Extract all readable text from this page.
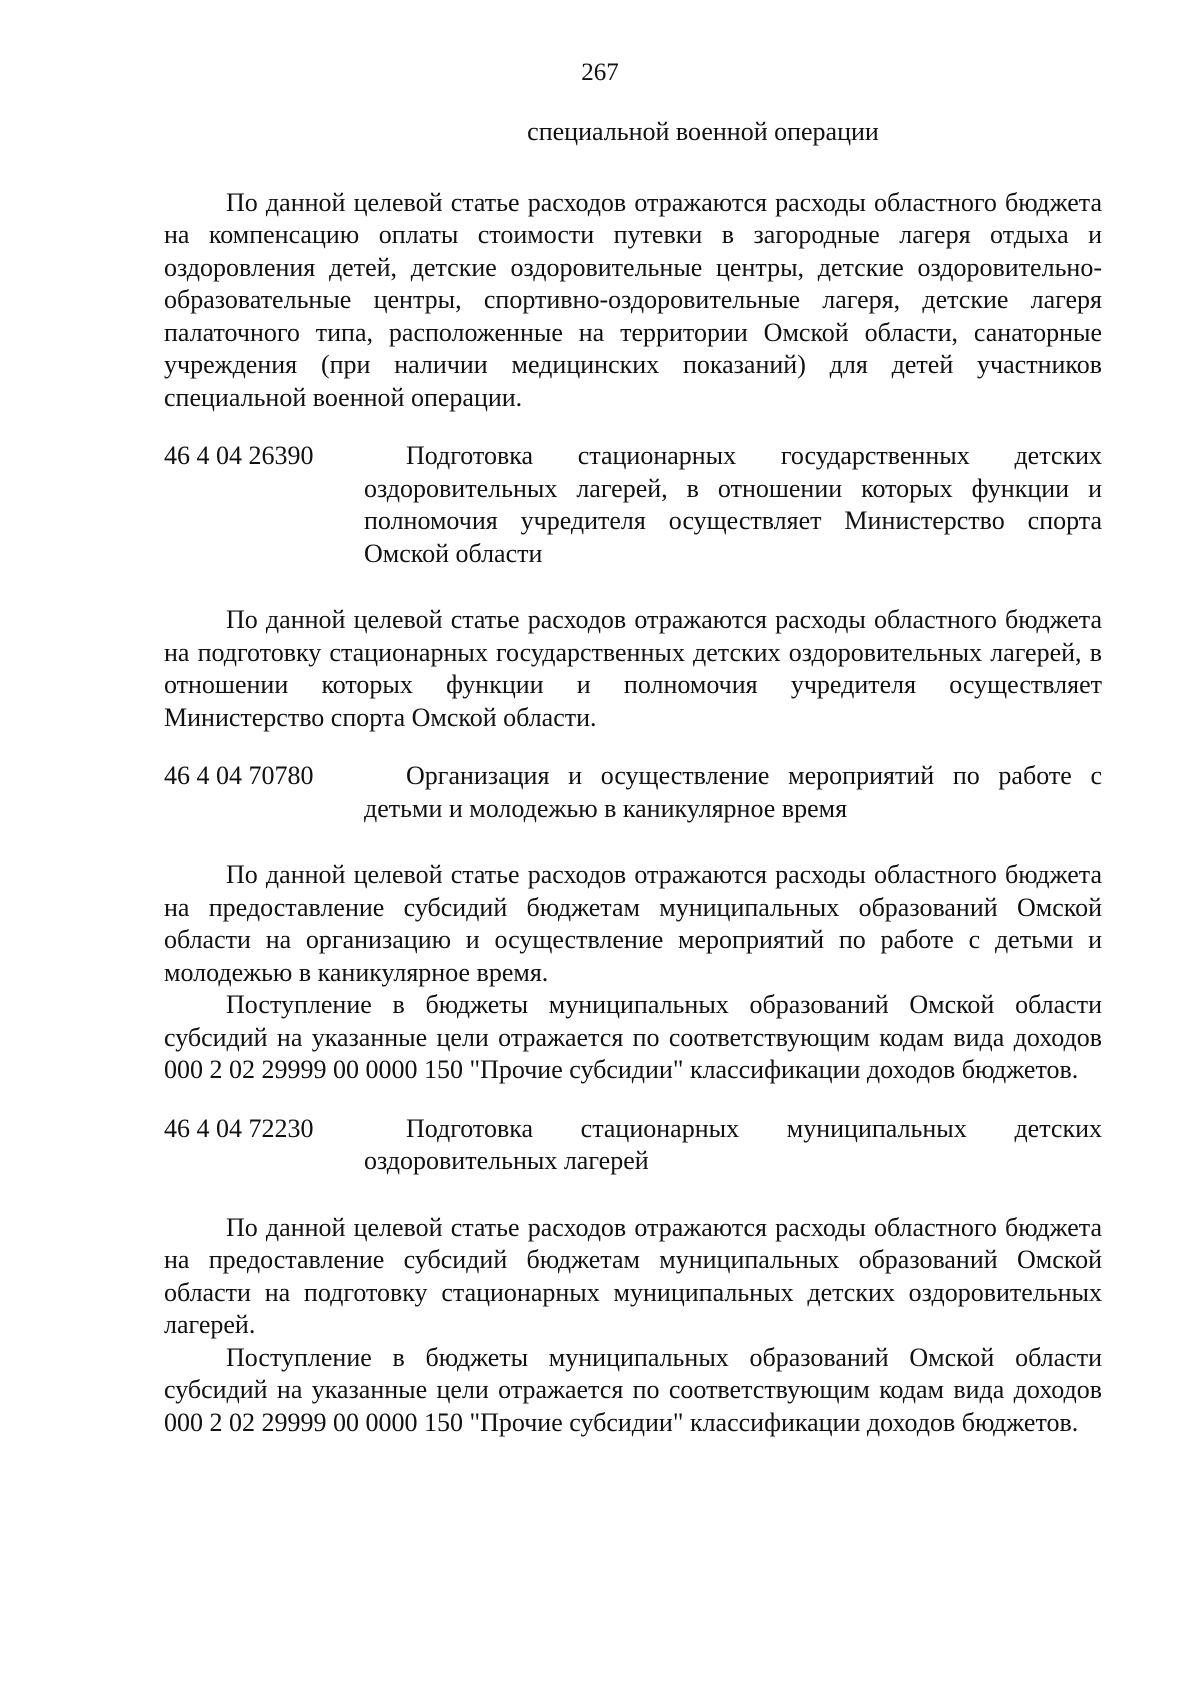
267

специальной военной операции

По данной целевой статье расходов отражаются расходы областного бюджета на компенсацию оплаты стоимости путевки в загородные лагеря отдыха и оздоровления детей, детские оздоровительные центры, детские оздоровительно-образовательные центры, спортивно-оздоровительные лагеря, детские лагеря палаточного типа, расположенные на территории Омской области, санаторные учреждения (при наличии медицинских показаний) для детей участников специальной военной операции.

46 4 04 26390	Подготовка стационарных государственных детских оздоровительных лагерей, в отношении которых функции и полномочия учредителя осуществляет Министерство спорта Омской области

По данной целевой статье расходов отражаются расходы областного бюджета на подготовку стационарных государственных детских оздоровительных лагерей, в отношении которых функции и полномочия учредителя осуществляет Министерство спорта Омской области.

46 4 04 70780	Организация и осуществление мероприятий по работе с детьми и молодежью в каникулярное время

По данной целевой статье расходов отражаются расходы областного бюджета на предоставление субсидий бюджетам муниципальных образований Омской области на организацию и осуществление мероприятий по работе с детьми и молодежью в каникулярное время.

Поступление в бюджеты муниципальных образований Омской области субсидий на указанные цели отражается по соответствующим кодам вида доходов 000 2 02 29999 00 0000 150 "Прочие субсидии" классификации доходов бюджетов.

46 4 04 72230	Подготовка стационарных муниципальных детских оздоровительных лагерей

По данной целевой статье расходов отражаются расходы областного бюджета на предоставление субсидий бюджетам муниципальных образований Омской области на подготовку стационарных муниципальных детских оздоровительных лагерей.

Поступление в бюджеты муниципальных образований Омской области субсидий на указанные цели отражается по соответствующим кодам вида доходов 000 2 02 29999 00 0000 150 "Прочие субсидии" классификации доходов бюджетов.
